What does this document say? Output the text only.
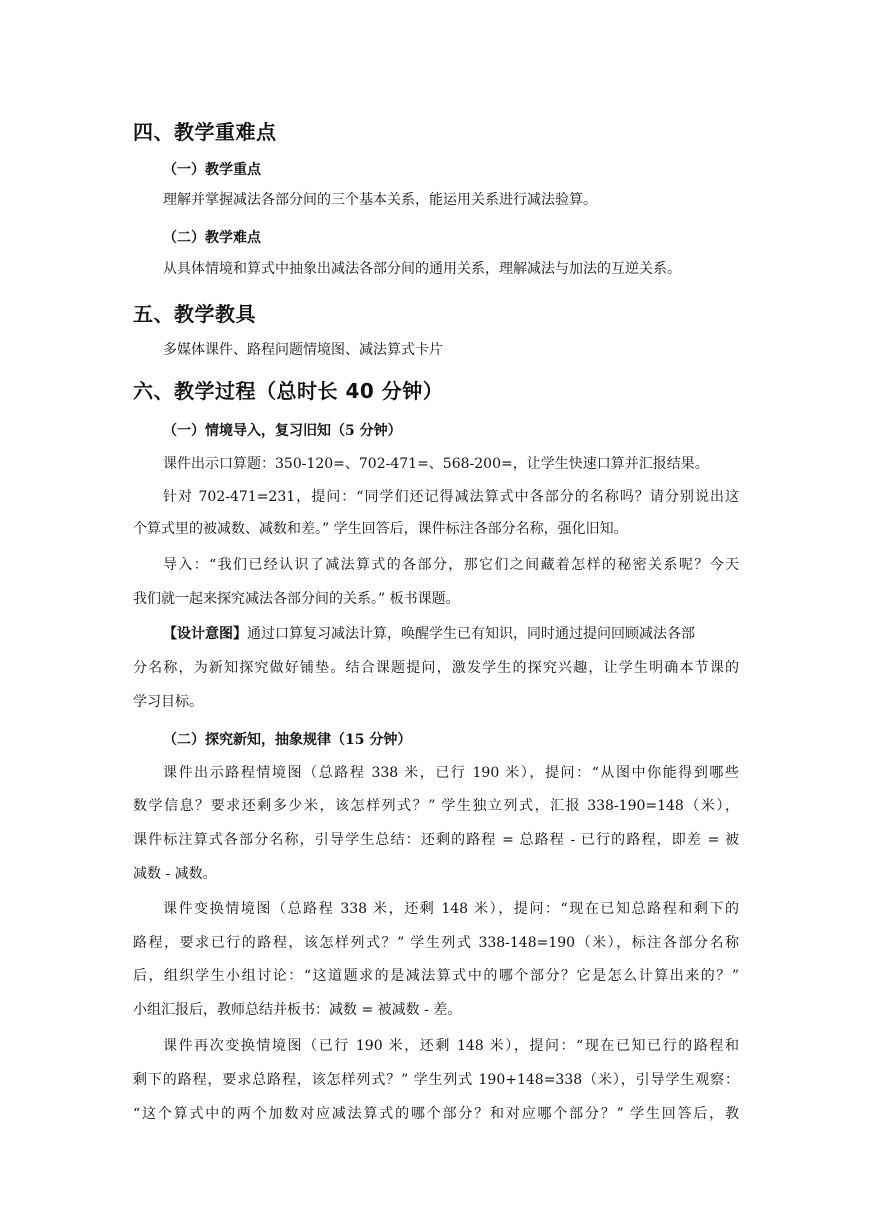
四、教学重难点
（一）教学重点
理解并掌握减法各部分间的三个基本关系，能运用关系进行减法验算。
（二）教学难点
从具体情境和算式中抽象出减法各部分间的通用关系，理解减法与加法的互逆关系。
五、教学教具
多媒体课件、路程问题情境图、减法算式卡片
六、教学过程（总时长 40 分钟）
（一）情境导入，复习旧知（5 分钟）
课件出示口算题：350-120=、702-471=、568-200=，让学生快速口算并汇报结果。
针对 702-471=231，提问：“同学们还记得减法算式中各部分的名称吗？请分别说出这
个算式里的被减数、减数和差。” 学生回答后，课件标注各部分名称，强化旧知。
导入：“我们已经认识了减法算式的各部分，那它们之间藏着怎样的秘密关系呢？今天
我们就一起来探究减法各部分间的关系。” 板书课题。
【设计意图】通过口算复习减法计算，唤醒学生已有知识，同时通过提问回顾减法各部
分名称，为新知探究做好铺垫。结合课题提问，激发学生的探究兴趣，让学生明确本节课的
学习目标。
（二）探究新知，抽象规律（15 分钟）
课件出示路程情境图（总路程 338 米，已行 190 米），提问：“从图中你能得到哪些
数学信息？要求还剩多少米，该怎样列式？” 学生独立列式，汇报 338-190=148（米），
课件标注算式各部分名称，引导学生总结：还剩的路程 = 总路程 - 已行的路程，即差 = 被
减数 - 减数。
课件变换情境图（总路程 338 米，还剩 148 米），提问：“现在已知总路程和剩下的
路程，要求已行的路程，该怎样列式？” 学生列式 338-148=190（米），标注各部分名称
后，组织学生小组讨论：“这道题求的是减法算式中的哪个部分？它是怎么计算出来的？”
小组汇报后，教师总结并板书：减数 = 被减数 - 差。
课件再次变换情境图（已行 190 米，还剩 148 米），提问：“现在已知已行的路程和
剩下的路程，要求总路程，该怎样列式？” 学生列式 190+148=338（米），引导学生观察：
“这个算式中的两个加数对应减法算式的哪个部分？和对应哪个部分？” 学生回答后，教
